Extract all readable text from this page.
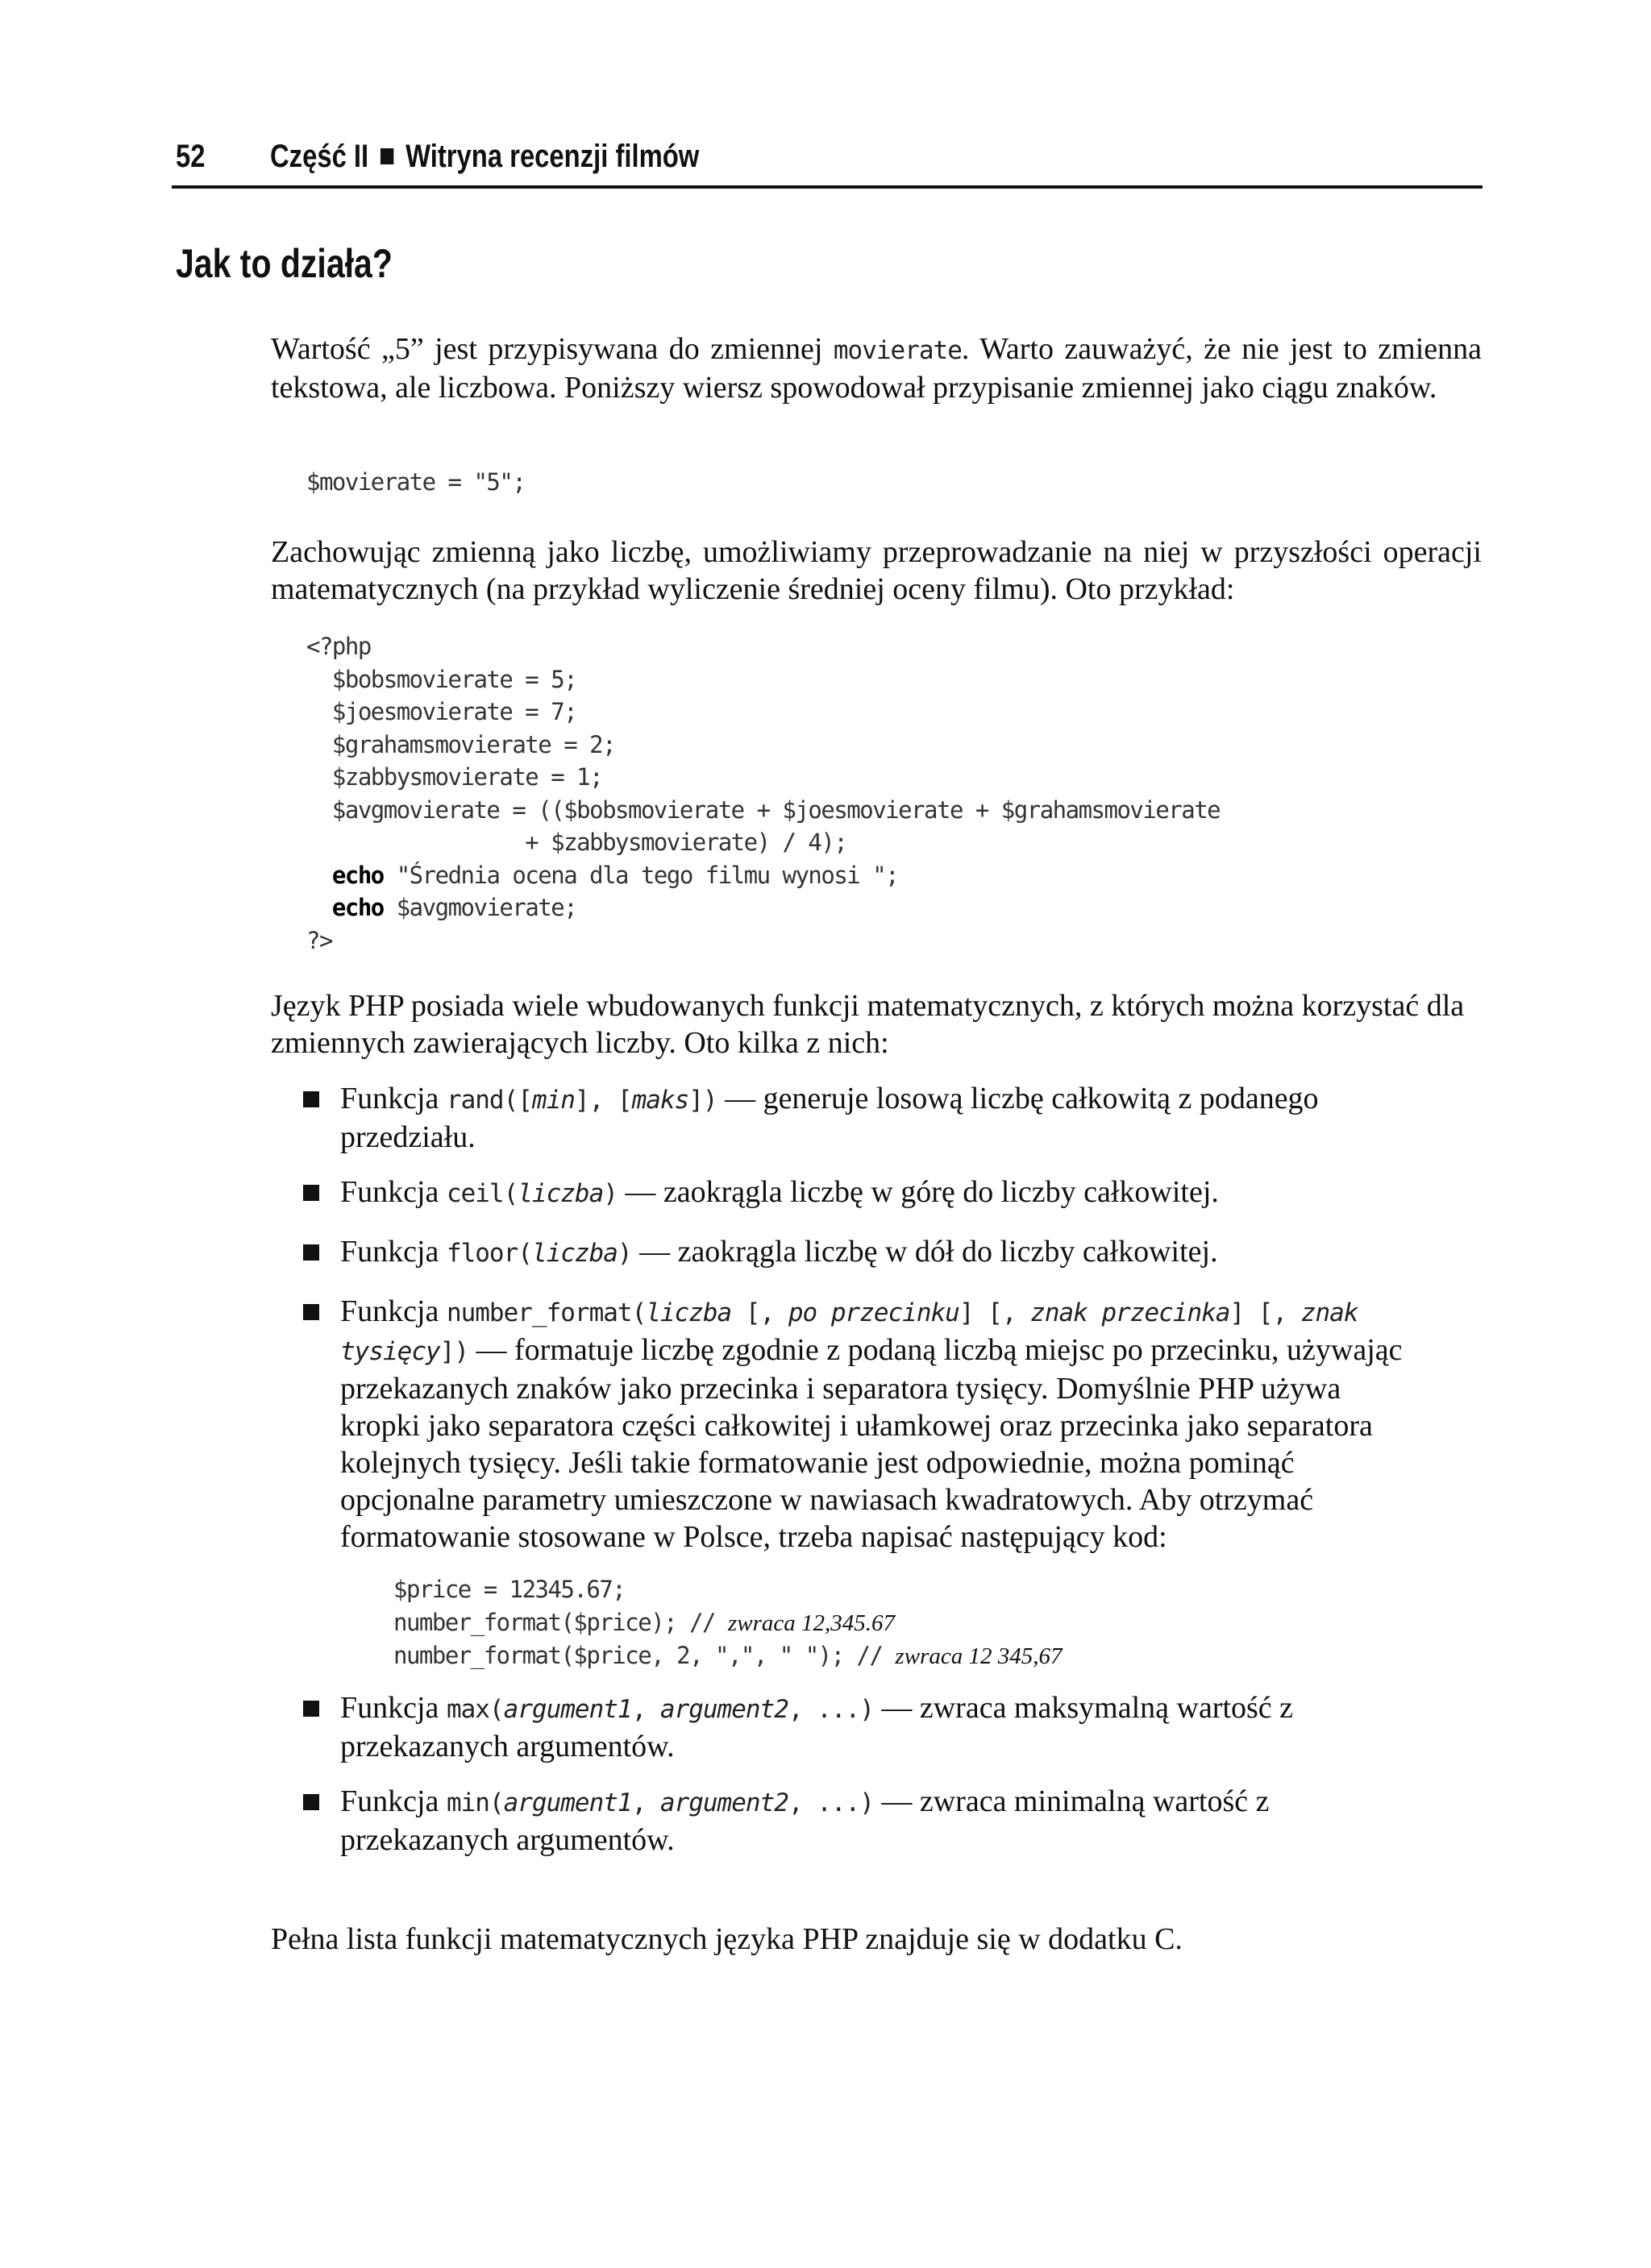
52 Część II Witryna recenzji filmów
Jak to działa?

Wartość „5” jest przypisywana do zmiennej movierate. Warto zauważyć, że nie jest to zmienna tekstowa, ale liczbowa. Poniższy wiersz spowodował przypisanie zmiennej jako ciągu znaków.

$movierate = "5";

Zachowując zmienną jako liczbę, umożliwiamy przeprowadzanie na niej w przyszłości operacji matematycznych (na przykład wyliczenie średniej oceny filmu). Oto przykład:

<?php
$bobsmovierate = 5;
$joesmovierate = 7;
$grahamsmovierate = 2;
$zabbysmovierate = 1;
$avgmovierate = (($bobsmovierate + $joesmovierate + $grahamsmovierate
+ $zabbysmovierate) / 4);
echo "Średnia ocena dla tego filmu wynosi ";
echo $avgmovierate;
?>

Język PHP posiada wiele wbudowanych funkcji matematycznych, z których można korzystać dla zmiennych zawierających liczby. Oto kilka z nich:

Funkcja rand([min], [maks]) — generuje losową liczbę całkowitą z podanego przedziału.
Funkcja ceil(liczba) — zaokrągla liczbę w górę do liczby całkowitej.
Funkcja floor(liczba) — zaokrągla liczbę w dół do liczby całkowitej.
Funkcja number_format(liczba [, po przecinku] [, znak przecinka] [, znak tysięcy]) — formatuje liczbę zgodnie z podaną liczbą miejsc po przecinku, używając przekazanych znaków jako przecinka i separatora tysięcy. Domyślnie PHP używa kropki jako separatora części całkowitej i ułamkowej oraz przecinka jako separatora kolejnych tysięcy. Jeśli takie formatowanie jest odpowiednie, można pominąć opcjonalne parametry umieszczone w nawiasach kwadratowych. Aby otrzymać formatowanie stosowane w Polsce, trzeba napisać następujący kod:
$price = 12345.67;
number_format($price); // zwraca 12,345.67
number_format($price, 2, ",", " "); // zwraca 12 345,67
Funkcja max(argument1, argument2, ...) — zwraca maksymalną wartość z przekazanych argumentów.
Funkcja min(argument1, argument2, ...) — zwraca minimalną wartość z przekazanych argumentów.

Pełna lista funkcji matematycznych języka PHP znajduje się w dodatku C.
